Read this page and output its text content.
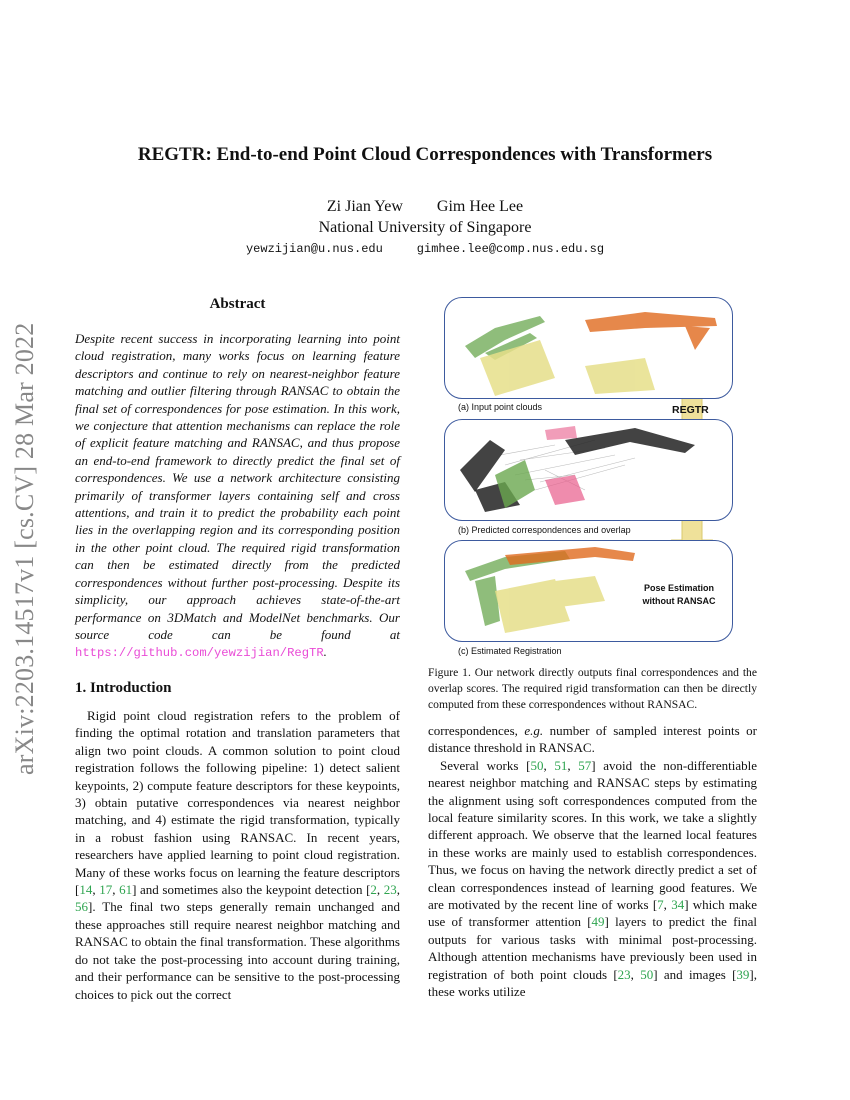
REGTR: End-to-end Point Cloud Correspondences with Transformers
Zi Jian Yew Gim Hee Lee
National University of Singapore
yewzijian@u.nus.edu	gimhee.lee@comp.nus.edu.sg
arXiv:2203.14517v1 [cs.CV] 28 Mar 2022
Abstract
Despite recent success in incorporating learning into point cloud registration, many works focus on learning feature descriptors and continue to rely on nearest-neighbor feature matching and outlier filtering through RANSAC to obtain the final set of correspondences for pose estimation. In this work, we conjecture that attention mechanisms can replace the role of explicit feature matching and RANSAC, and thus propose an end-to-end framework to directly predict the final set of correspondences. We use a network architecture consisting primarily of transformer layers containing self and cross attentions, and train it to predict the probability each point lies in the overlapping region and its corresponding position in the other point cloud. The required rigid transformation can then be estimated directly from the predicted correspondences without further post-processing. Despite its simplicity, our approach achieves state-of-the-art performance on 3DMatch and ModelNet benchmarks. Our source code can be found at https://github.com/yewzijian/RegTR.
1. Introduction

Rigid point cloud registration refers to the problem of finding the optimal rotation and translation parameters that align two point clouds. A common solution to point cloud registration follows the following pipeline: 1) detect salient keypoints, 2) compute feature descriptors for these keypoints, 3) obtain putative correspondences via nearest neighbor matching, and 4) estimate the rigid transformation, typically in a robust fashion using RANSAC. In recent years, researchers have applied learning to point cloud registration. Many of these works focus on learning the feature descriptors [14, 17, 61] and sometimes also the keypoint detection [2, 23, 56]. The final two steps generally remain unchanged and these approaches still require nearest neighbor matching and RANSAC to obtain the final transformation. These algorithms do not take the post-processing into account during training, and their performance can be sensitive to the post-processing choices to pick out the correct

(a) Input point clouds	REGTR
(b) Predicted correspondences and overlap
Pose Estimation
without RANSAC
(c) Estimated Registration
Figure 1. Our network directly outputs final correspondences and the overlap scores. The required rigid transformation can then be directly computed from these correspondences without RANSAC.

correspondences, e.g. number of sampled interest points or distance threshold in RANSAC.

Several works [50, 51, 57] avoid the non-differentiable nearest neighbor matching and RANSAC steps by estimating the alignment using soft correspondences computed from the local feature similarity scores. In this work, we take a slightly different approach. We observe that the learned local features in these works are mainly used to establish correspondences. Thus, we focus on having the network directly predict a set of clean correspondences instead of learning good features. We are motivated by the recent line of works [7, 34] which make use of transformer attention [49] layers to predict the final outputs for various tasks with minimal post-processing. Although attention mechanisms have previously been used in registration of both point clouds [23, 50] and images [39], these works utilize
